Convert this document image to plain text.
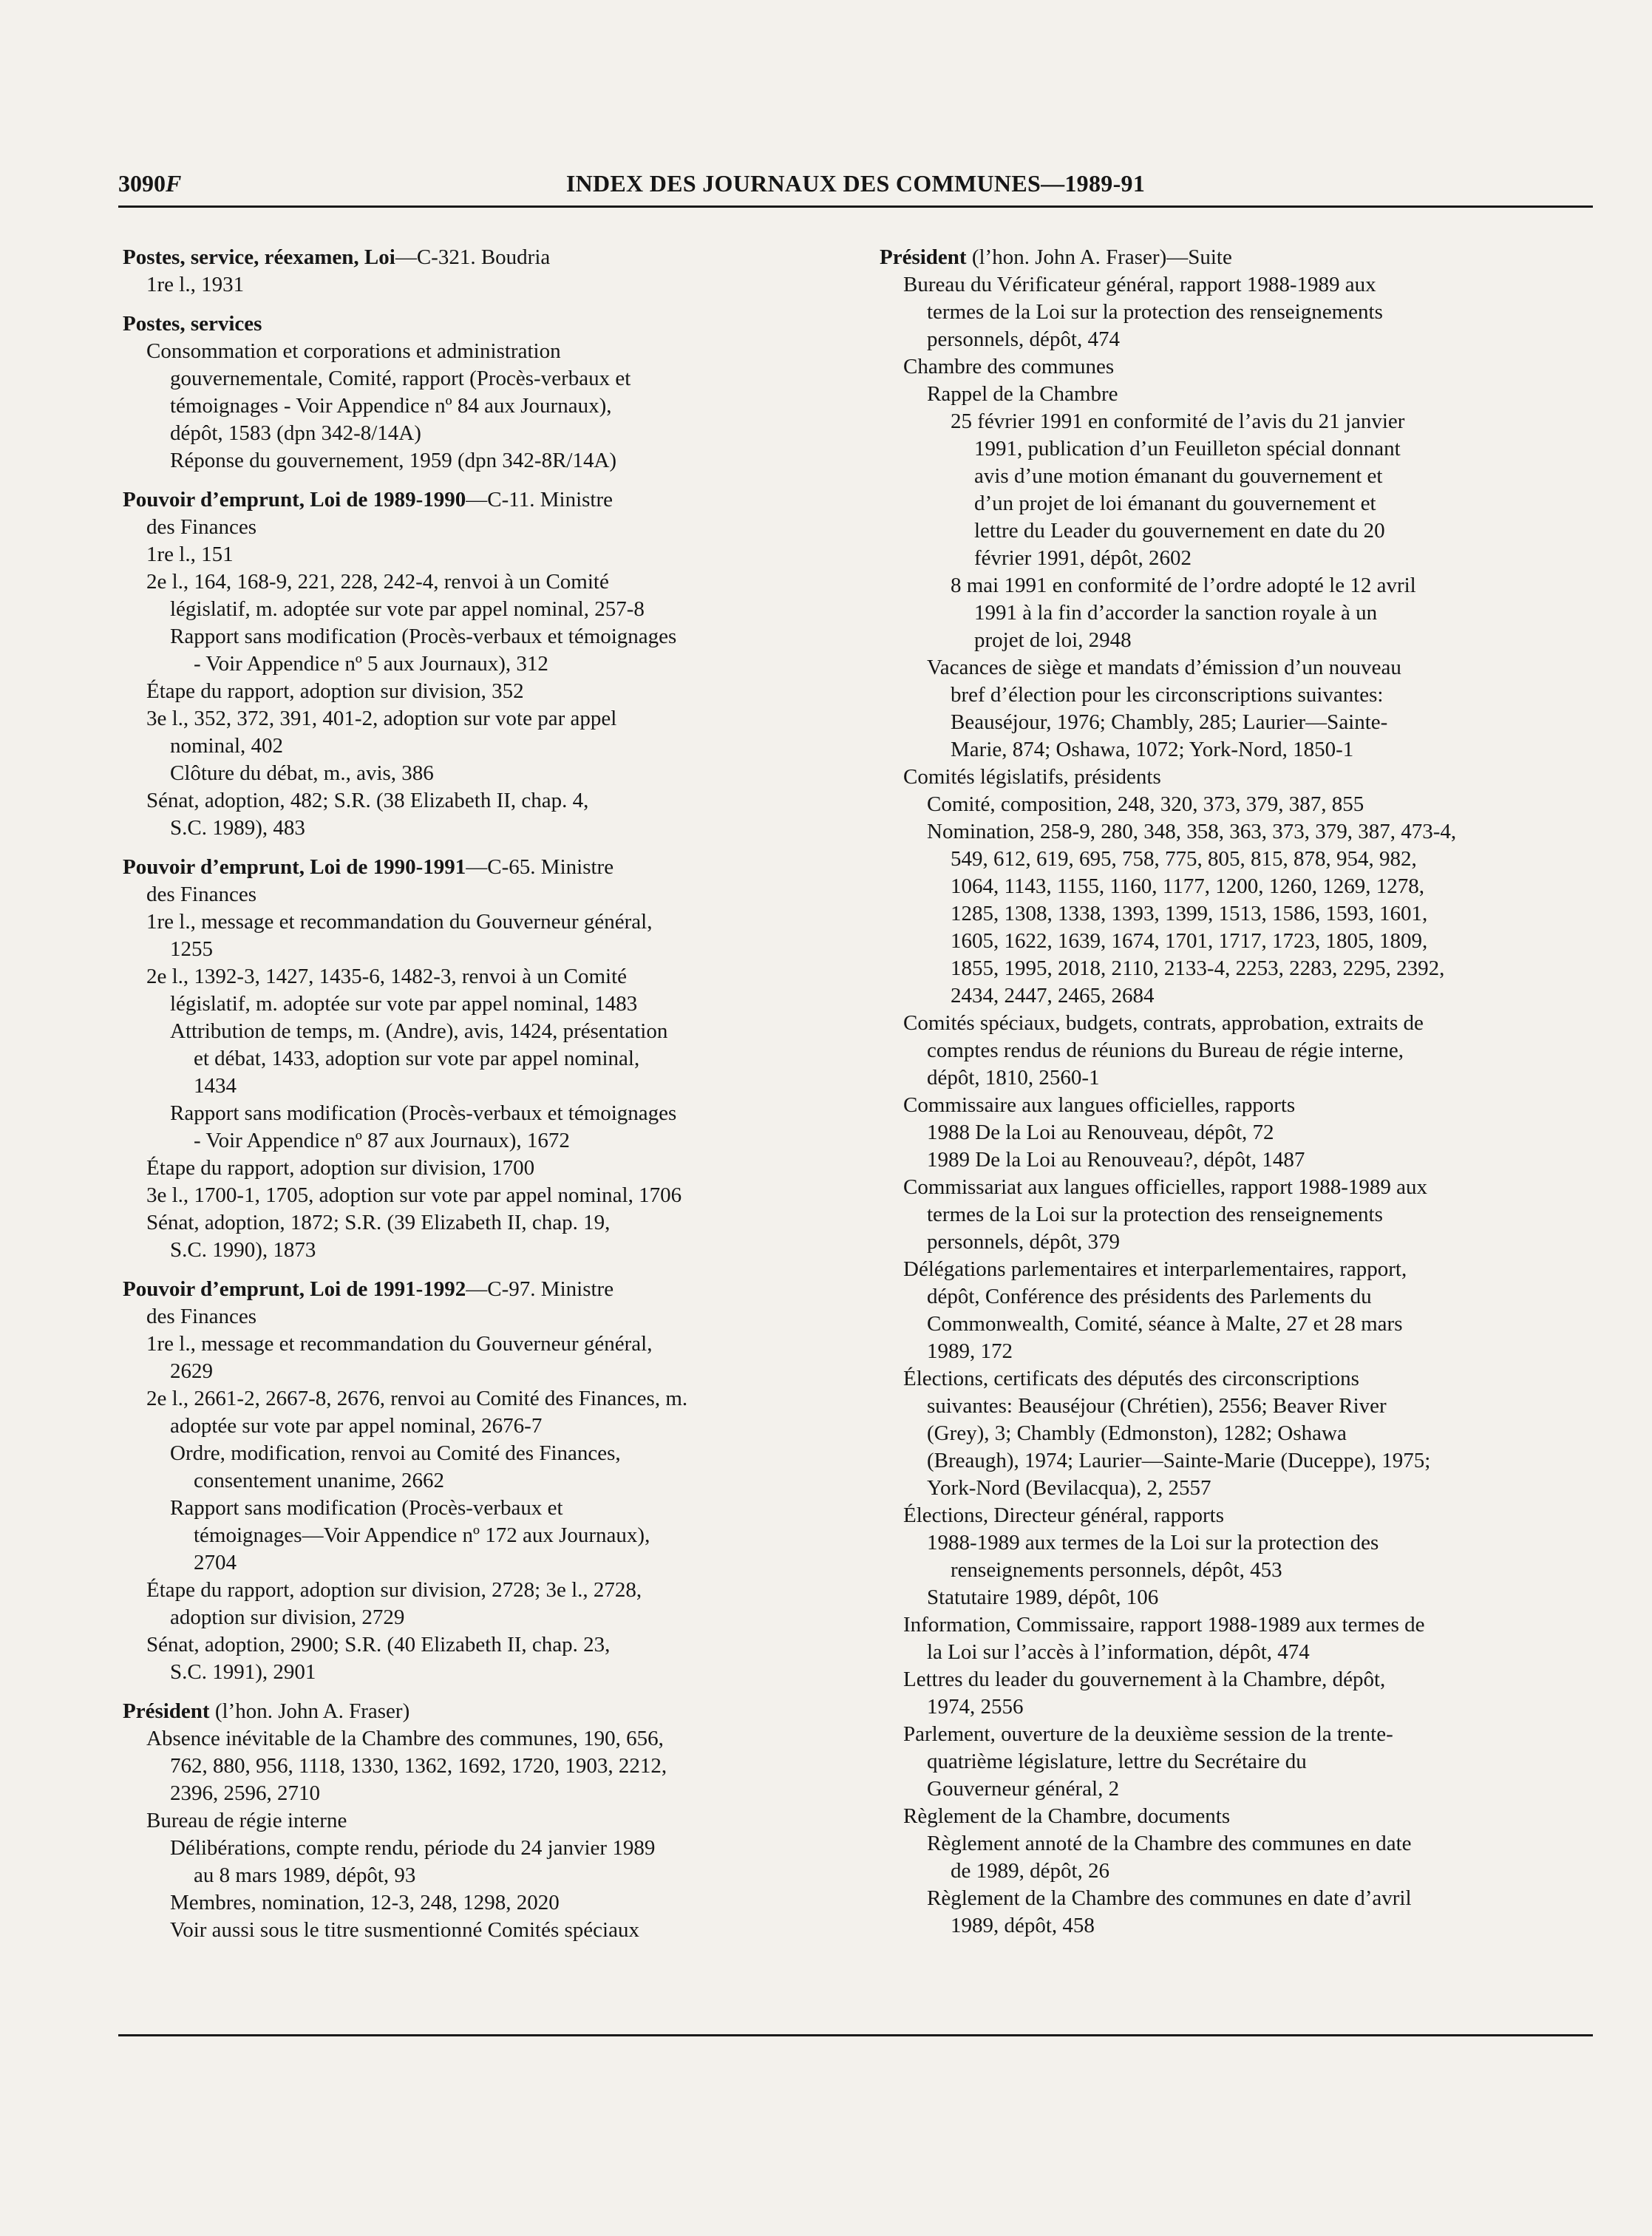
3090F	INDEX DES JOURNAUX DES COMMUNES—1989-91
Postes, service, réexamen, Loi—C-321. Boudria
1re l., 1931
Postes, services
Consommation et corporations et administration
gouvernementale, Comité, rapport (Procès-verbaux et
témoignages - Voir Appendice nº 84 aux Journaux),
dépôt, 1583 (dpn 342-8/14A)
Réponse du gouvernement, 1959 (dpn 342-8R/14A)
Pouvoir d’emprunt, Loi de 1989-1990—C-11. Ministre
des Finances
1re l., 151
2e l., 164, 168-9, 221, 228, 242-4, renvoi à un Comité
législatif, m. adoptée sur vote par appel nominal, 257-8
Rapport sans modification (Procès-verbaux et témoignages
- Voir Appendice nº 5 aux Journaux), 312
Étape du rapport, adoption sur division, 352
3e l., 352, 372, 391, 401-2, adoption sur vote par appel
nominal, 402
Clôture du débat, m., avis, 386
Sénat, adoption, 482; S.R. (38 Elizabeth II, chap. 4,
S.C. 1989), 483
Pouvoir d’emprunt, Loi de 1990-1991—C-65. Ministre
des Finances
1re l., message et recommandation du Gouverneur général,
1255
2e l., 1392-3, 1427, 1435-6, 1482-3, renvoi à un Comité
législatif, m. adoptée sur vote par appel nominal, 1483
Attribution de temps, m. (Andre), avis, 1424, présentation
et débat, 1433, adoption sur vote par appel nominal,
1434
Rapport sans modification (Procès-verbaux et témoignages
- Voir Appendice nº 87 aux Journaux), 1672
Étape du rapport, adoption sur division, 1700
3e l., 1700-1, 1705, adoption sur vote par appel nominal, 1706
Sénat, adoption, 1872; S.R. (39 Elizabeth II, chap. 19,
S.C. 1990), 1873
Pouvoir d’emprunt, Loi de 1991-1992—C-97. Ministre
des Finances
1re l., message et recommandation du Gouverneur général,
2629
2e l., 2661-2, 2667-8, 2676, renvoi au Comité des Finances, m.
adoptée sur vote par appel nominal, 2676-7
Ordre, modification, renvoi au Comité des Finances,
consentement unanime, 2662
Rapport sans modification (Procès-verbaux et
témoignages—Voir Appendice nº 172 aux Journaux),
2704
Étape du rapport, adoption sur division, 2728; 3e l., 2728,
adoption sur division, 2729
Sénat, adoption, 2900; S.R. (40 Elizabeth II, chap. 23,
S.C. 1991), 2901
Président (l’hon. John A. Fraser)
Absence inévitable de la Chambre des communes, 190, 656,
762, 880, 956, 1118, 1330, 1362, 1692, 1720, 1903, 2212,
2396, 2596, 2710
Bureau de régie interne
Délibérations, compte rendu, période du 24 janvier 1989
au 8 mars 1989, dépôt, 93
Membres, nomination, 12-3, 248, 1298, 2020
Voir aussi sous le titre susmentionné Comités spéciaux
Président (l’hon. John A. Fraser)—Suite
Bureau du Vérificateur général, rapport 1988-1989 aux
termes de la Loi sur la protection des renseignements
personnels, dépôt, 474
Chambre des communes
Rappel de la Chambre
25 février 1991 en conformité de l’avis du 21 janvier
1991, publication d’un Feuilleton spécial donnant
avis d’une motion émanant du gouvernement et
d’un projet de loi émanant du gouvernement et
lettre du Leader du gouvernement en date du 20
février 1991, dépôt, 2602
8 mai 1991 en conformité de l’ordre adopté le 12 avril
1991 à la fin d’accorder la sanction royale à un
projet de loi, 2948
Vacances de siège et mandats d’émission d’un nouveau
bref d’élection pour les circonscriptions suivantes:
Beauséjour, 1976; Chambly, 285; Laurier—Sainte-
Marie, 874; Oshawa, 1072; York-Nord, 1850-1
Comités législatifs, présidents
Comité, composition, 248, 320, 373, 379, 387, 855
Nomination, 258-9, 280, 348, 358, 363, 373, 379, 387, 473-4,
549, 612, 619, 695, 758, 775, 805, 815, 878, 954, 982,
1064, 1143, 1155, 1160, 1177, 1200, 1260, 1269, 1278,
1285, 1308, 1338, 1393, 1399, 1513, 1586, 1593, 1601,
1605, 1622, 1639, 1674, 1701, 1717, 1723, 1805, 1809,
1855, 1995, 2018, 2110, 2133-4, 2253, 2283, 2295, 2392,
2434, 2447, 2465, 2684
Comités spéciaux, budgets, contrats, approbation, extraits de
comptes rendus de réunions du Bureau de régie interne,
dépôt, 1810, 2560-1
Commissaire aux langues officielles, rapports
1988 De la Loi au Renouveau, dépôt, 72
1989 De la Loi au Renouveau?, dépôt, 1487
Commissariat aux langues officielles, rapport 1988-1989 aux
termes de la Loi sur la protection des renseignements
personnels, dépôt, 379
Délégations parlementaires et interparlementaires, rapport,
dépôt, Conférence des présidents des Parlements du
Commonwealth, Comité, séance à Malte, 27 et 28 mars
1989, 172
Élections, certificats des députés des circonscriptions
suivantes: Beauséjour (Chrétien), 2556; Beaver River
(Grey), 3; Chambly (Edmonston), 1282; Oshawa
(Breaugh), 1974; Laurier—Sainte-Marie (Duceppe), 1975;
York-Nord (Bevilacqua), 2, 2557
Élections, Directeur général, rapports
1988-1989 aux termes de la Loi sur la protection des
renseignements personnels, dépôt, 453
Statutaire 1989, dépôt, 106
Information, Commissaire, rapport 1988-1989 aux termes de
la Loi sur l’accès à l’information, dépôt, 474
Lettres du leader du gouvernement à la Chambre, dépôt,
1974, 2556
Parlement, ouverture de la deuxième session de la trente-
quatrième législature, lettre du Secrétaire du
Gouverneur général, 2
Règlement de la Chambre, documents
Règlement annoté de la Chambre des communes en date
de 1989, dépôt, 26
Règlement de la Chambre des communes en date d’avril
1989, dépôt, 458
